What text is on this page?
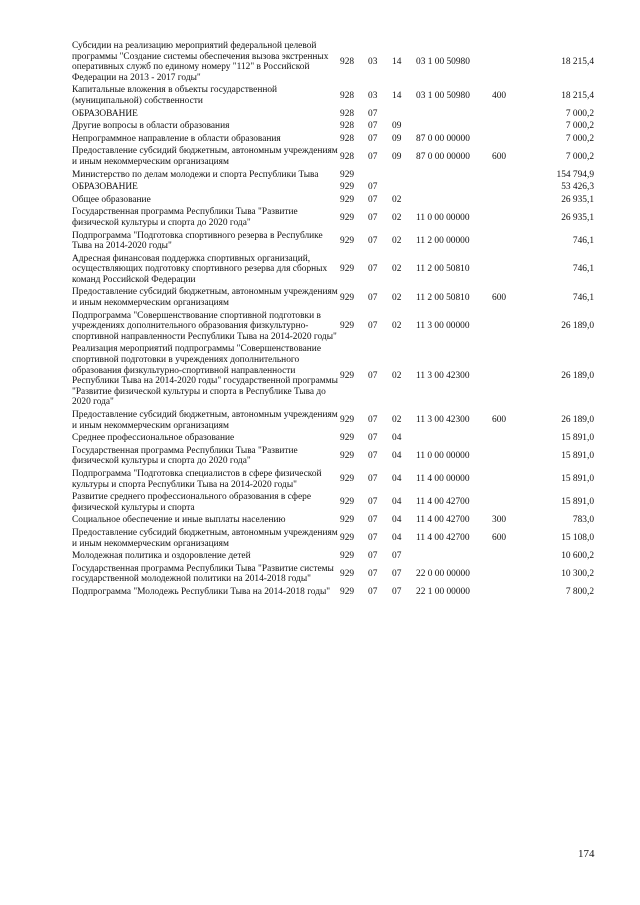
Субсидии на реализацию мероприятий федеральной целевой программы "Создание системы обеспечения вызова экстренных оперативных служб по единому номеру "112" в Российской Федерации на 2013 - 2017 годы"	928	03	14	03 1 00 50980		18 215,4
Капитальные вложения в объекты государственной (муниципальной) собственности	928	03	14	03 1 00 50980	400	18 215,4
ОБРАЗОВАНИЕ	928	07				7 000,2
Другие вопросы в области образования	928	07	09			7 000,2
Непрограммное направление в области образования	928	07	09	87 0 00 00000		7 000,2
Предоставление субсидий бюджетным, автономным учреждениям и иным некоммерческим организациям	928	07	09	87 0 00 00000	600	7 000,2
Министерство по делам молодежи и спорта Республики Тыва	929					154 794,9
ОБРАЗОВАНИЕ	929	07				53 426,3
Общее образование	929	07	02			26 935,1
Государственная программа Республики Тыва "Развитие физической культуры и спорта до 2020 года"	929	07	02	11 0 00 00000		26 935,1
Подпрограмма "Подготовка спортивного резерва в Республике Тыва на 2014-2020 годы"	929	07	02	11 2 00 00000		746,1
Адресная финансовая поддержка спортивных организаций, осуществляющих подготовку спортивного резерва для сборных команд Российской Федерации	929	07	02	11 2 00 50810		746,1
Предоставление субсидий бюджетным, автономным учреждениям и иным некоммерческим организациям	929	07	02	11 2 00 50810	600	746,1
Подпрограмма "Совершенствование спортивной подготовки в учреждениях дополнительного образования физкультурно-спортивной направленности Республики Тыва на 2014-2020 годы"	929	07	02	11 3 00 00000		26 189,0
Реализация мероприятий подпрограммы "Совершенствование спортивной подготовки в учреждениях дополнительного образования физкультурно-спортивной направленности Республики Тыва на 2014-2020 годы" государственной программы "Развитие физической культуры и спорта в Республике Тыва до 2020 года"	929	07	02	11 3 00 42300		26 189,0
Предоставление субсидий бюджетным, автономным учреждениям и иным некоммерческим организациям	929	07	02	11 3 00 42300	600	26 189,0
Среднее профессиональное образование	929	07	04			15 891,0
Государственная программа Республики Тыва "Развитие физической культуры и спорта до 2020 года"	929	07	04	11 0 00 00000		15 891,0
Подпрограмма "Подготовка специалистов в сфере физической культуры и спорта Республики Тыва на 2014-2020 годы"	929	07	04	11 4 00 00000		15 891,0
Развитие среднего профессионального образования в сфере физической культуры и спорта	929	07	04	11 4 00 42700		15 891,0
Социальное обеспечение и иные выплаты населению	929	07	04	11 4 00 42700	300	783,0
Предоставление субсидий бюджетным, автономным учреждениям и иным некоммерческим организациям	929	07	04	11 4 00 42700	600	15 108,0
Молодежная политика и оздоровление детей	929	07	07			10 600,2
Государственная программа Республики Тыва "Развитие системы государственной молодежной политики на 2014-2018 годы"	929	07	07	22 0 00 00000		10 300,2
Подпрограмма "Молодежь Республики Тыва на 2014-2018 годы"	929	07	07	22 1 00 00000		7 800,2
174
